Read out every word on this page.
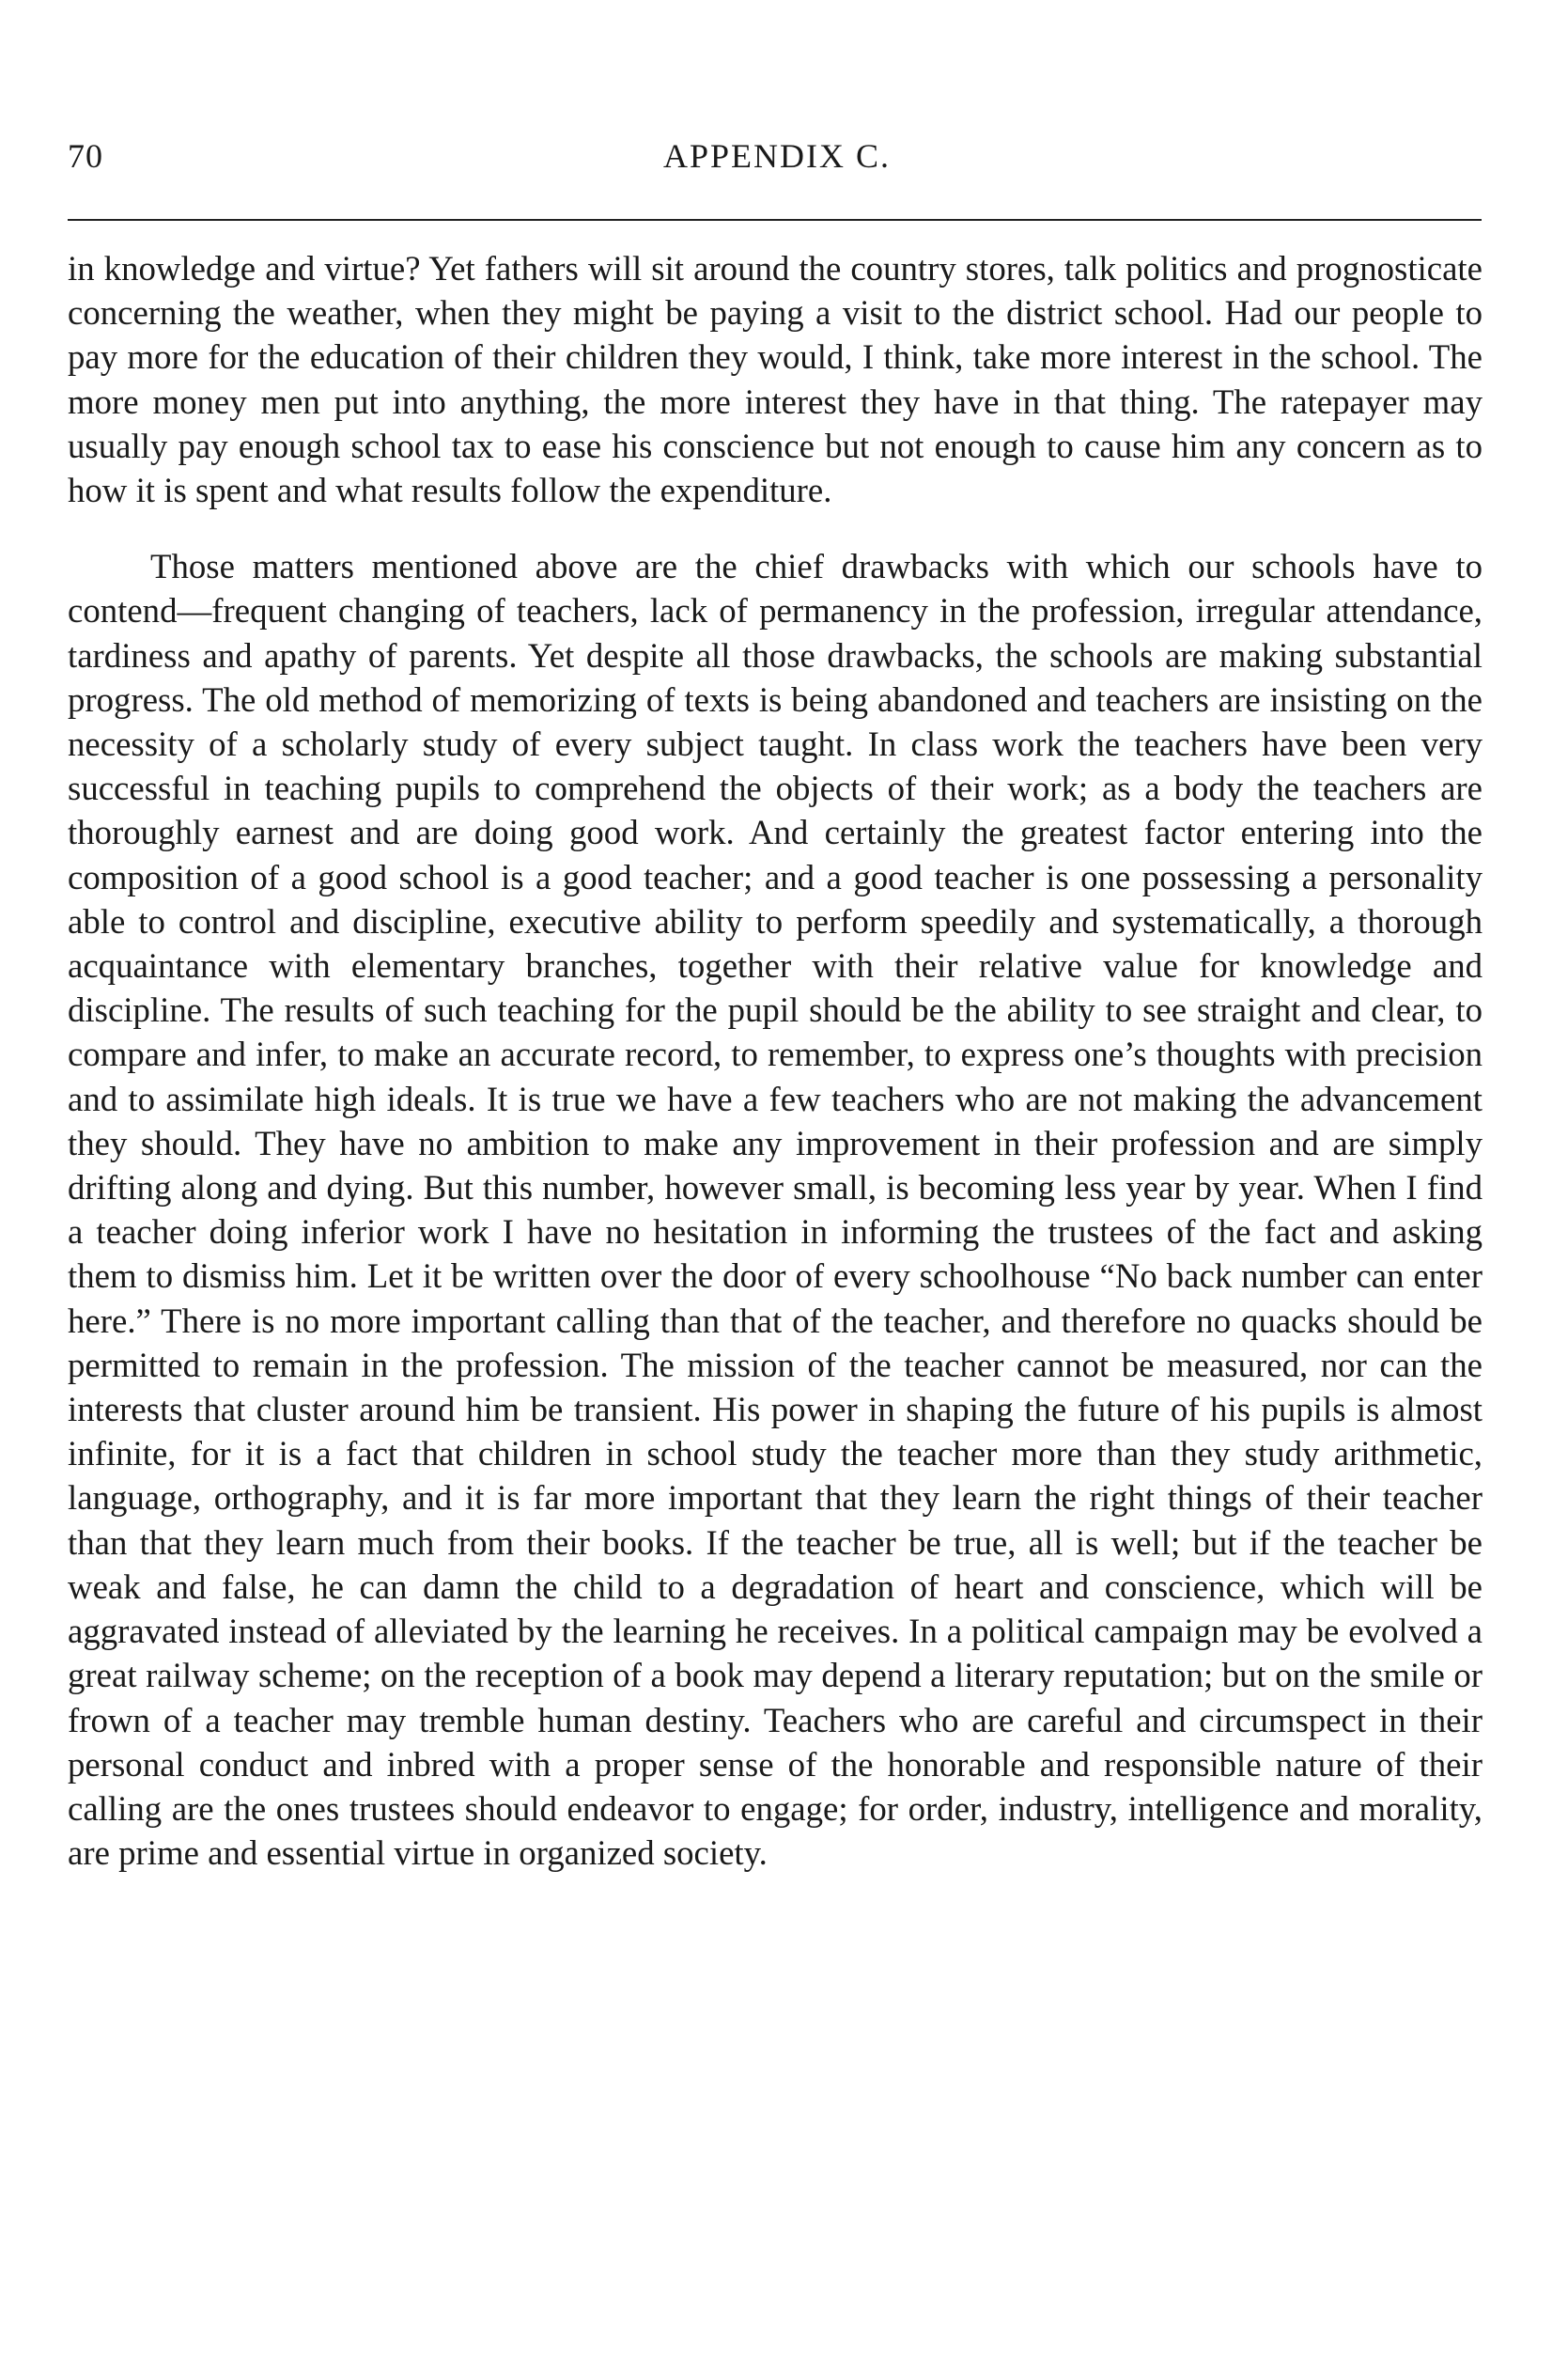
70	APPENDIX C.

in knowledge and virtue? Yet fathers will sit around the country stores, talk politics and prognosticate concerning the weather, when they might be paying a visit to the district school. Had our people to pay more for the education of their children they would, I think, take more interest in the school. The more money men put into anything, the more interest they have in that thing. The ratepayer may usually pay enough school tax to ease his conscience but not enough to cause him any concern as to how it is spent and what results follow the expenditure.

Those matters mentioned above are the chief drawbacks with which our schools have to contend—frequent changing of teachers, lack of permanency in the profession, irregular attendance, tardiness and apathy of parents. Yet despite all those drawbacks, the schools are making substantial progress. The old method of memorizing of texts is being abandoned and teachers are insisting on the necessity of a scholarly study of every subject taught. In class work the teachers have been very successful in teaching pupils to comprehend the objects of their work; as a body the teachers are thoroughly earnest and are doing good work. And certainly the greatest factor entering into the composition of a good school is a good teacher; and a good teacher is one possessing a personality able to control and discipline, executive ability to perform speedily and systematically, a thorough acquaintance with elementary branches, together with their relative value for knowledge and discipline. The results of such teaching for the pupil should be the ability to see straight and clear, to compare and infer, to make an accurate record, to remember, to express one’s thoughts with precision and to assimilate high ideals. It is true we have a few teachers who are not making the advancement they should. They have no ambition to make any improvement in their profession and are simply drifting along and dying. But this number, however small, is becoming less year by year. When I find a teacher doing inferior work I have no hesitation in informing the trustees of the fact and asking them to dismiss him. Let it be written over the door of every schoolhouse “No back number can enter here.” There is no more important calling than that of the teacher, and therefore no quacks should be permitted to remain in the profession. The mission of the teacher cannot be measured, nor can the interests that cluster around him be transient. His power in shaping the future of his pupils is almost infinite, for it is a fact that children in school study the teacher more than they study arithmetic, language, orthography, and it is far more important that they learn the right things of their teacher than that they learn much from their books. If the teacher be true, all is well; but if the teacher be weak and false, he can damn the child to a degradation of heart and conscience, which will be aggravated instead of alleviated by the learning he receives. In a political campaign may be evolved a great railway scheme; on the reception of a book may depend a literary reputation; but on the smile or frown of a teacher may tremble human destiny. Teachers who are careful and circumspect in their personal conduct and inbred with a proper sense of the honorable and responsible nature of their calling are the ones trustees should endeavor to engage; for order, industry, intelligence and morality, are prime and essential virtue in organized society.
